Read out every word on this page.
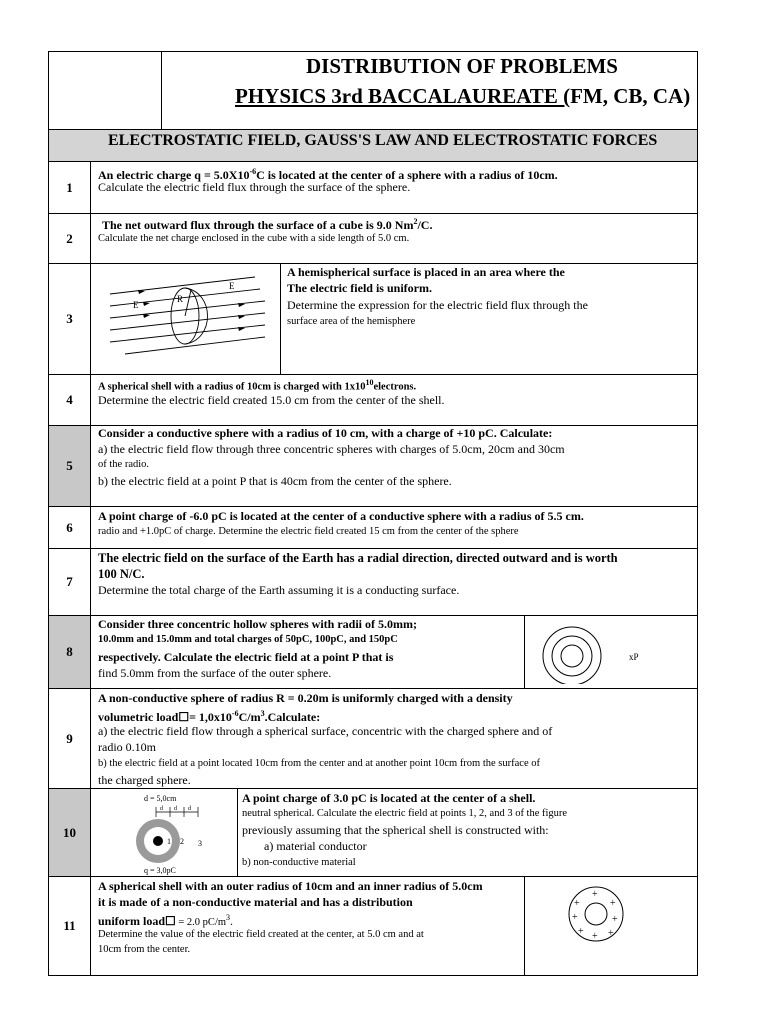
DISTRIBUTION OF PROBLEMS
PHYSICS 3rd BACCALAUREATE (FM, CB, CA)
ELECTROSTATIC FIELD, GAUSS'S LAW AND ELECTROSTATIC FORCES
1
2
3
4
5
6
7
8
9
10
11
An electric charge $q = 5.0X10^{-6}C$ is located at the center of a sphere with a radius of 10cm.
Calculate the electric field flux through the surface of the sphere.
The net outward flux through the surface of a cube is 9.0 Nm$^2$/C.
Calculate the net charge enclosed in the cube with a side length of 5.0 cm.
E
E
R
A hemispherical surface is placed in an area where the
The electric field is uniform.
Determine the expression for the electric field flux through the
surface area of the hemisphere
A spherical shell with a radius of 10cm is charged with $1x10^{10}electrons$.
Determine the electric field created 15.0 cm from the center of the shell.
Consider a conductive sphere with a radius of 10 cm, with a charge of +10 pC. Calculate:
a) the electric field flow through three concentric spheres with charges of 5.0cm, 20cm and 30cm
of the radio.
b) the electric field at a point P that is 40cm from the center of the sphere.
A point charge of -6.0 pC is located at the center of a conductive sphere with a radius of 5.5 cm.
radio and +1.0pC of charge. Determine the electric field created 15 cm from the center of the sphere
The electric field on the surface of the Earth has a radial direction, directed outward and is worth
100 N/C.
Determine the total charge of the Earth assuming it is a conducting surface.
Consider three concentric hollow spheres with radii of 5.0mm;
10.0mm and 15.0mm and total charges of 50pC, 100pC, and 150pC
respectively. Calculate the electric field at a point P that is
find 5.0mm from the surface of the outer sphere.
xP
A non-conductive sphere of radius R = 0.20m is uniformly charged with a density
volumetric load☐= $1,0x10^{-6}C/m^3.Calculate$:
a) the electric field flow through a spherical surface, concentric with the charged sphere and of
radio 0.10m
b) the electric field at a point located 10cm from the center and at another point 10cm from the surface of
the charged sphere.
d = 5,0cm
d d d
1 2 3
q = 3,0pC
A point charge of 3.0 pC is located at the center of a shell.
neutral spherical. Calculate the electric field at points 1, 2, and 3 of the figure
previously assuming that the spherical shell is constructed with:
a) material conductor
b) non-conductive material
A spherical shell with an outer radius of 10cm and an inner radius of 5.0cm
it is made of a non-conductive material and has a distribution
uniform load☐ = 2.0 $pC/m^3$.
Determine the value of the electric field created at the center, at 5.0 cm and at
10cm from the center.
+
+	+
+	+
+ + +
